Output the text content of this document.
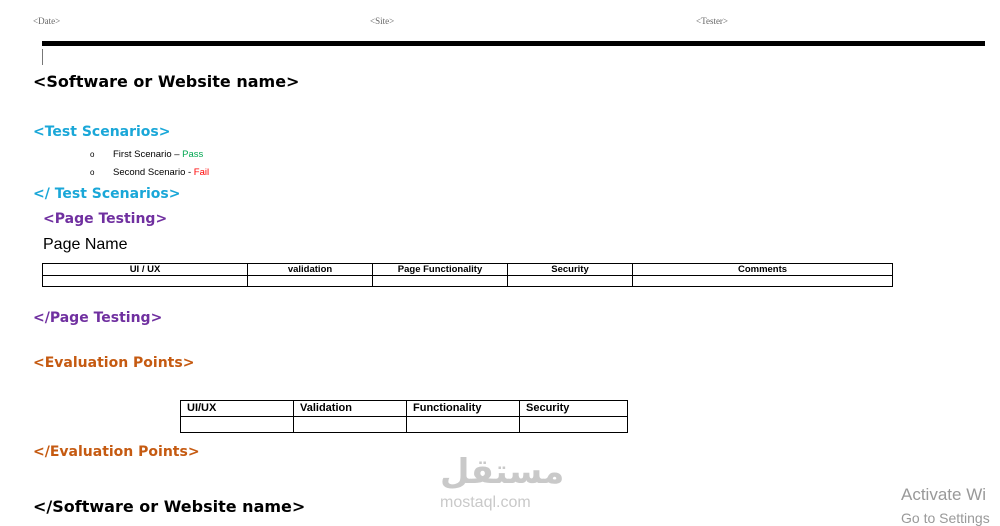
<Date>	<Site>	<Tester>
<Software or Website name>
<Test Scenarios>
o First Scenario – Pass
o Second Scenario - Fail
</ Test Scenarios>
<Page Testing>
Page Name
UI / UX	validation	Page Functionality	Security	Comments

</Page Testing>
<Evaluation Points>
UI/UX	Validation	Functionality	Security

</Evaluation Points>
</Software or Website name>
مستقل
mostaql.com	Activate Wi
Go to Settings
